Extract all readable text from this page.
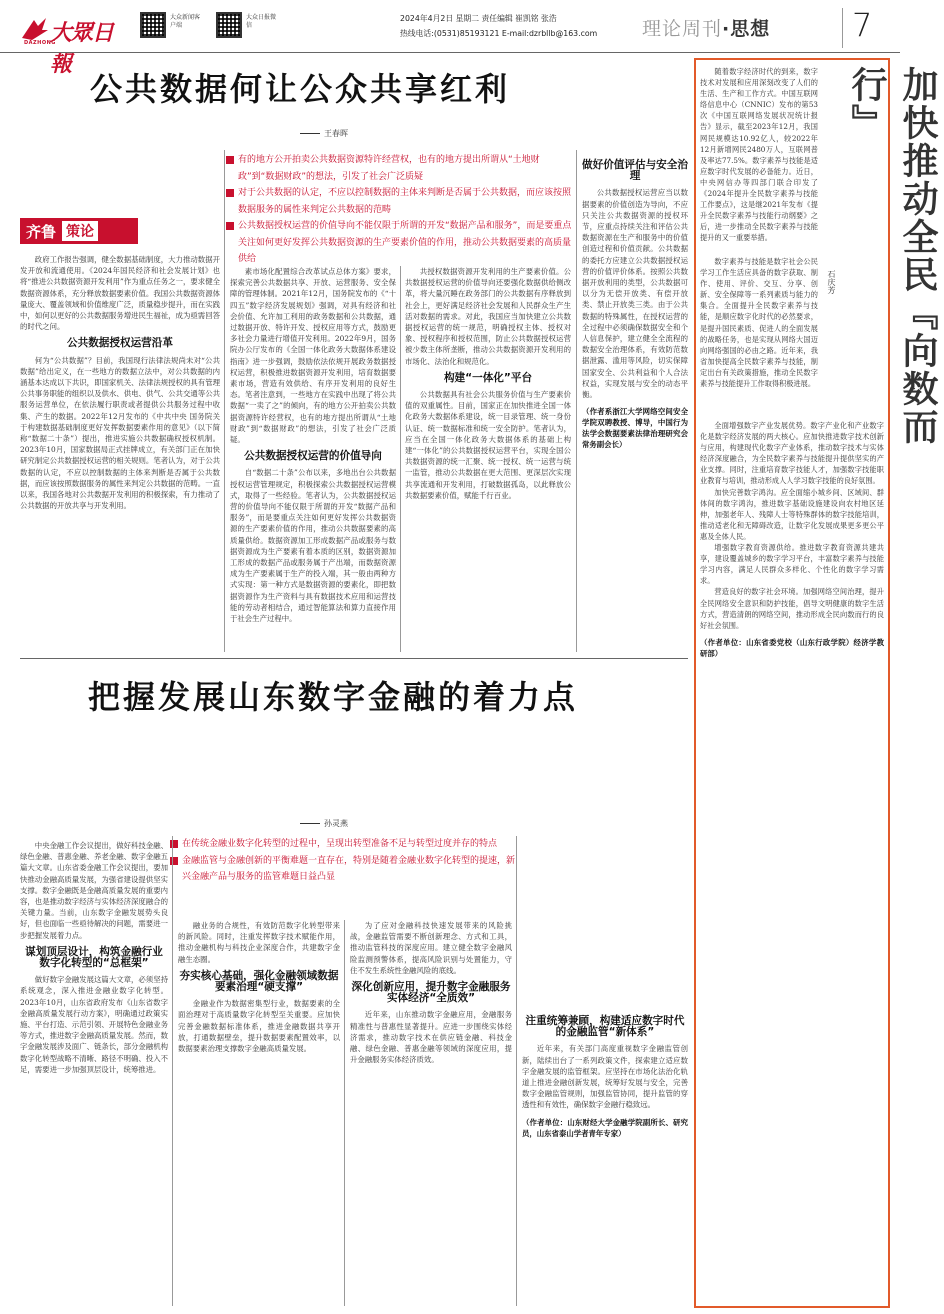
大眾日報
DAZHONG
大众新闻客户端
大众日报微信
2024年4月2日 星期二 责任编辑 崔凯铭 张浩
热线电话:(0531)85193121 E-mail:dzrbllb@163.com 理论周刊·思想	7
公共数据何让公众共享红利
王春晖
齐鲁 策论
有的地方公开拍卖公共数据资源特许经营权，也有的地方提出所谓从“土地财政”到“数据财政”的想法，引发了社会广泛质疑
对于公共数据的认定，不应以控制数据的主体来判断是否属于公共数据，而应该按照数据服务的属性来判定公共数据的范畴
公共数据授权运营的价值导向不能仅限于所谓的开发“数据产品和服务”，而是要重点关注如何更好发挥公共数据资源的生产要素价值的作用，推动公共数据要素的高质量供给

政府工作报告强调，健全数据基础制度，大力推动数据开发开放和流通使用。《2024年国民经济和社会发展计划》也将“推进公共数据资源开发利用”作为重点任务之一，要求健全数据资源体系，充分释放数据要素价值。我国公共数据资源体量庞大、覆盖领域和价值维度广泛，质量稳步提升，而在实践中，如何以更好的公共数据服务增进民生福祉，成为亟需回答的时代之问。

公共数据授权运营沿革

何为“公共数据”？目前，我国现行法律法规尚未对“公共数据”给出定义，在一些地方的数据立法中，对公共数据的内涵基本达成以下共识，即国家机关、法律法规授权的具有管理公共事务职能的组织以及供水、供电、供气、公共交通等公共服务运营单位，在依法履行职责或者提供公共服务过程中收集、产生的数据。2022年12月发布的《中共中央 国务院关于构建数据基础制度更好发挥数据要素作用的意见》（以下简称“数据二十条”）提出，推进实施公共数据确权授权机制。2023年10月，国家数据局正式挂牌成立，有关部门正在加快研究制定公共数据授权运营的相关规则。笔者认为，对于公共数据的认定，不应以控制数据的主体来判断是否属于公共数据，而应该按照数据服务的属性来判定公共数据的范畴。一直以来，我国各地对公共数据开发利用的积极探索，有力推动了公共数据的开放共享与开发利用。

素市场化配置综合改革试点总体方案》要求，探索完善公共数据共享、开放、运营服务、安全保障的管理体制。2021年12月，国务院发布的《“十四五”数字经济发展规划》强调，对具有经济和社会价值、允许加工利用的政务数据和公共数据，通过数据开放、特许开发、授权应用等方式，鼓励更多社会力量进行增值开发利用。2022年9月，国务院办公厅发布的《全国一体化政务大数据体系建设指南》进一步强调，鼓励依法依规开展政务数据授权运营，积极推进数据资源开发利用，培育数据要素市场，营造有效供给、有序开发利用的良好生态。笔者注意到，一些地方在实践中出现了将公共数据“一卖了之”的倾向，有的地方公开拍卖公共数据资源特许经营权，也有的地方提出所谓从“土地财政”到“数据财政”的想法，引发了社会广泛质疑。

公共数据授权运营的价值导向

自“数据二十条”公布以来，多地出台公共数据授权运营管理规定，积极探索公共数据授权运营模式，取得了一些经验。笔者认为，公共数据授权运营的价值导向不能仅限于所谓的开发“数据产品和服务”，而是要重点关注如何更好发挥公共数据资源的生产要素价值的作用，推动公共数据要素的高质量供给。数据资源加工形成数据产品或服务与数据资源成为生产要素有着本质的区别，数据资源加工形成的数据产品或服务属于产出端，而数据资源成为生产要素属于生产的投入端，其一般由两种方式实现：第一种方式是数据资源的要素化，即把数据资源作为生产资料与具有数据技术应用和运营技能的劳动者相结合，通过智能算法和算力直接作用于社会生产过程中。

共授权数据资源开发利用的生产要素价值。公共数据授权运营的价值导向还要强化数据供给侧改革，将大量沉睡在政务部门的公共数据有序释放到社会上，更好满足经济社会发展和人民群众生产生活对数据的需求。对此，我国应当加快建立公共数据授权运营的统一规范，明确授权主体、授权对象、授权程序和授权范围，防止公共数据授权运营被少数主体所垄断，推动公共数据资源开发利用的市场化、法治化和规范化。

构建“一体化”平台

公共数据具有社会公共服务价值与生产要素价值的双重属性。目前，国家正在加快推进全国一体化政务大数据体系建设，统一目录管理、统一身份认证、统一数据标准和统一安全防护。笔者认为，应当在全国一体化政务大数据体系的基础上构建“一体化”的公共数据授权运营平台，实现全国公共数据资源的统一汇聚、统一授权、统一运营与统一监管，推动公共数据在更大范围、更深层次实现共享流通和开发利用，打破数据孤岛，以此释放公共数据要素价值，赋能千行百业。

做好价值评估与安全治理

公共数据授权运营应当以数据要素的价值创造为导向，不应只关注公共数据资源的授权环节，应重点持续关注和评估公共数据资源在生产和服务中的价值创造过程和价值贡献。公共数据的委托方应建立公共数据授权运营的价值评价体系。按照公共数据开放利用的类型，公共数据可以分为无偿开放类、有偿开放类、禁止开放类三类。由于公共数据的特殊属性，在授权运营的全过程中必须确保数据安全和个人信息保护，建立健全全流程的数据安全治理体系，有效防范数据泄露、滥用等风险，切实保障国家安全、公共利益和个人合法权益，实现发展与安全的动态平衡。

（作者系浙江大学网络空间安全学院双聘教授、博导，中国行为法学会数据要素法律治理研究会常务副会长）
把握发展山东数字金融的着力点
孙灵燕
在传统金融业数字化转型的过程中，呈现出转型准备不足与转型过度并存的特点
金融监管与金融创新的平衡难题一直存在，特别是随着金融业数字化转型的提速，新兴金融产品与服务的监管难题日益凸显

中央金融工作会议提出，做好科技金融、绿色金融、普惠金融、养老金融、数字金融五篇大文章。山东省委金融工作会议提出，要加快推动金融高质量发展，为强省建设提供坚实支撑。数字金融既是金融高质量发展的重要内容，也是推动数字经济与实体经济深度融合的关键力量。当前，山东数字金融发展势头良好，但也面临一些亟待解决的问题，需要进一步把握发展着力点。

谋划顶层设计，构筑金融行业数字化转型的“总框架”

做好数字金融发展这篇大文章，必须坚持系统观念，深入推进金融业数字化转型。2023年10月，山东省政府发布《山东省数字金融高质量发展行动方案》，明确通过政策实施、平台打造、示范引领、开展特色金融业务等方式，推进数字金融高质量发展。然而，数字金融发展涉及面广、链条长，部分金融机构数字化转型战略不清晰、路径不明确、投入不足，需要进一步加强顶层设计，统筹推进。

融业务的合规性，有效防范数字化转型带来的新风险。同时，注重发挥数字技术赋能作用，推动金融机构与科技企业深度合作，共建数字金融生态圈。

夯实核心基础，强化金融领域数据要素治理“硬支撑”

金融业作为数据密集型行业，数据要素的全面治理对于高质量数字化转型至关重要。应加快完善金融数据标准体系，推进金融数据共享开放，打通数据壁垒，提升数据要素配置效率，以数据要素治理支撑数字金融高质量发展。

为了应对金融科技快速发展带来的风险挑战，金融监管需要不断创新理念、方式和工具，推动监管科技的深度应用。建立健全数字金融风险监测预警体系，提高风险识别与处置能力，守住不发生系统性金融风险的底线。

深化创新应用，提升数字金融服务实体经济“全质效”

近年来，山东推动数字金融应用，金融服务精准性与普惠性显著提升。应进一步围绕实体经济需求，推动数字技术在供应链金融、科技金融、绿色金融、普惠金融等领域的深度应用，提升金融服务实体经济质效。

注重统筹兼顾，构建适应数字时代的金融监管“新体系”

近年来，有关部门高度重视数字金融监管创新，陆续出台了一系列政策文件，探索建立适应数字金融发展的监管框架。应坚持在市场化法治化轨道上推进金融创新发展，统筹好发展与安全，完善数字金融监管规则，加强监管协同，提升监管的穿透性和有效性，确保数字金融行稳致远。

（作者单位：山东财经大学金融学院副所长、研究员，山东省泰山学者青年专家）
加快推动全民『向数而行』
石庆芳

随着数字经济时代的到来，数字技术对发展和应用深刻改变了人们的生活、生产和工作方式。中国互联网络信息中心（CNNIC）发布的第53次《中国互联网络发展状况统计报告》显示，截至2023年12月，我国网民规模达10.92亿人，较2022年12月新增网民2480万人，互联网普及率达77.5%。数字素养与技能是适应数字时代发展的必备能力。近日，中央网信办等四部门联合印发了《2024年提升全民数字素养与技能工作要点》，这是继2021年发布《提升全民数字素养与技能行动纲要》之后，进一步推动全民数字素养与技能提升的又一重要举措。

数字素养与技能是数字社会公民学习工作生活应具备的数字获取、制作、使用、评价、交互、分享、创新、安全保障等一系列素质与能力的集合。全面提升全民数字素养与技能，是顺应数字化时代的必然要求，是提升国民素质、促进人的全面发展的战略任务，也是实现从网络大国迈向网络强国的必由之路。近年来，我省加快提高全民数字素养与技能，制定出台有关政策措施，推动全民数字素养与技能提升工作取得积极进展。

全面增强数字产业发展优势。数字产业化和产业数字化是数字经济发展的两大核心。应加快推进数字技术创新与应用，构建现代化数字产业体系，推动数字技术与实体经济深度融合，为全民数字素养与技能提升提供坚实的产业支撑。同时，注重培育数字技能人才，加强数字技能职业教育与培训，推动形成人人学习数字技能的良好氛围。

加快完善数字鸿沟。应全面缩小城乡间、区域间、群体间的数字鸿沟，推进数字基础设施建设向农村地区延伸，加强老年人、残障人士等特殊群体的数字技能培训，推动适老化和无障碍改造，让数字化发展成果更多更公平惠及全体人民。

增强数字教育资源供给。推进数字教育资源共建共享，建设覆盖城乡的数字学习平台，丰富数字素养与技能学习内容，满足人民群众多样化、个性化的数字学习需求。

营造良好的数字社会环境。加强网络空间治理，提升全民网络安全意识和防护技能，倡导文明健康的数字生活方式，营造清朗的网络空间，推动形成全民向数而行的良好社会氛围。

（作者单位：山东省委党校（山东行政学院）经济学教研部）
